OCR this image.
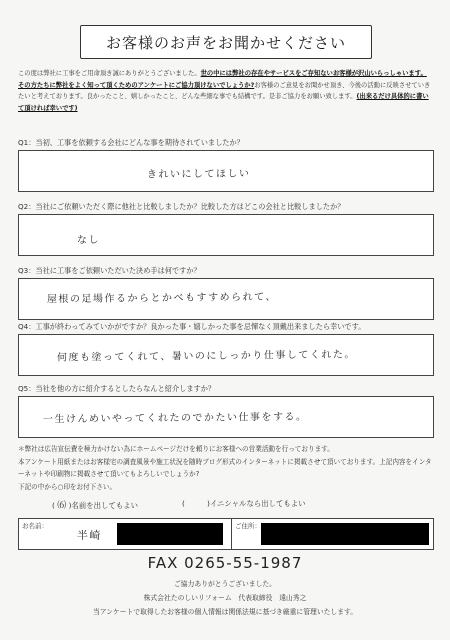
お客様のお声をお聞かせください
この度は弊社に工事をご用命頂き誠にありがとうございました。世の中には弊社の存在やサービスをご存知ないお客様が沢山いらっしゃいます。その方たちに弊社をよく知って頂くためのアンケートにご協力頂けないでしょうか?お客様のご意見をお聞かせ頂き、今後の活動に反映させていきたいと考えております。良かったこと、嬉しかったこと、どんな些細な事でも結構です。是非ご協力をお願い致します。(出来るだけ具体的に書いて頂ければ幸いです)
Q1：当初、工事を依頼する会社にどんな事を期待されていましたか？
きれいにしてほしい
Q2：当社にご依頼いただく際に他社と比較しましたか？比較した方はどこの会社と比較しましたか？
なし
Q3：当社に工事をご依頼いただいた決め手は何ですか？
屋根の足場作るからとかべもすすめられて、
Q4：工事が終わってみていかがですか？良かった事・嬉しかった事を忌憚なく頂戴出来ましたら幸いです。
何度も塗ってくれて、暑いのにしっかり仕事してくれた。
Q5：当社を他の方に紹介するとしたらなんと紹介しますか？
一生けんめいやってくれたのでかたい仕事をする。
＊弊社は広告宣伝費を極力かけない為にホームページだけを頼りにお客様への営業活動を行っております。
本アンケート用紙またはお客様宅の調査風景や施工状況を随時ブログ形式のインターネットに掲載させて頂いております。上記内容をインターネットや印刷物に掲載させて頂いてもよろしいでしょうか?
下記の中から○印をお付下さい。
( ⑹ )名前を出してもよい	(　　　)イニシャルなら出してもよい
お名前：
半崎
ご住所：
FAX 0265-55-1987
ご協力ありがとうございました。
株式会社たのしいリフォーム　代表取締役　遠山秀之
当アンケートで取得したお客様の個人情報は関係法規に基づき厳重に管理いたします。
